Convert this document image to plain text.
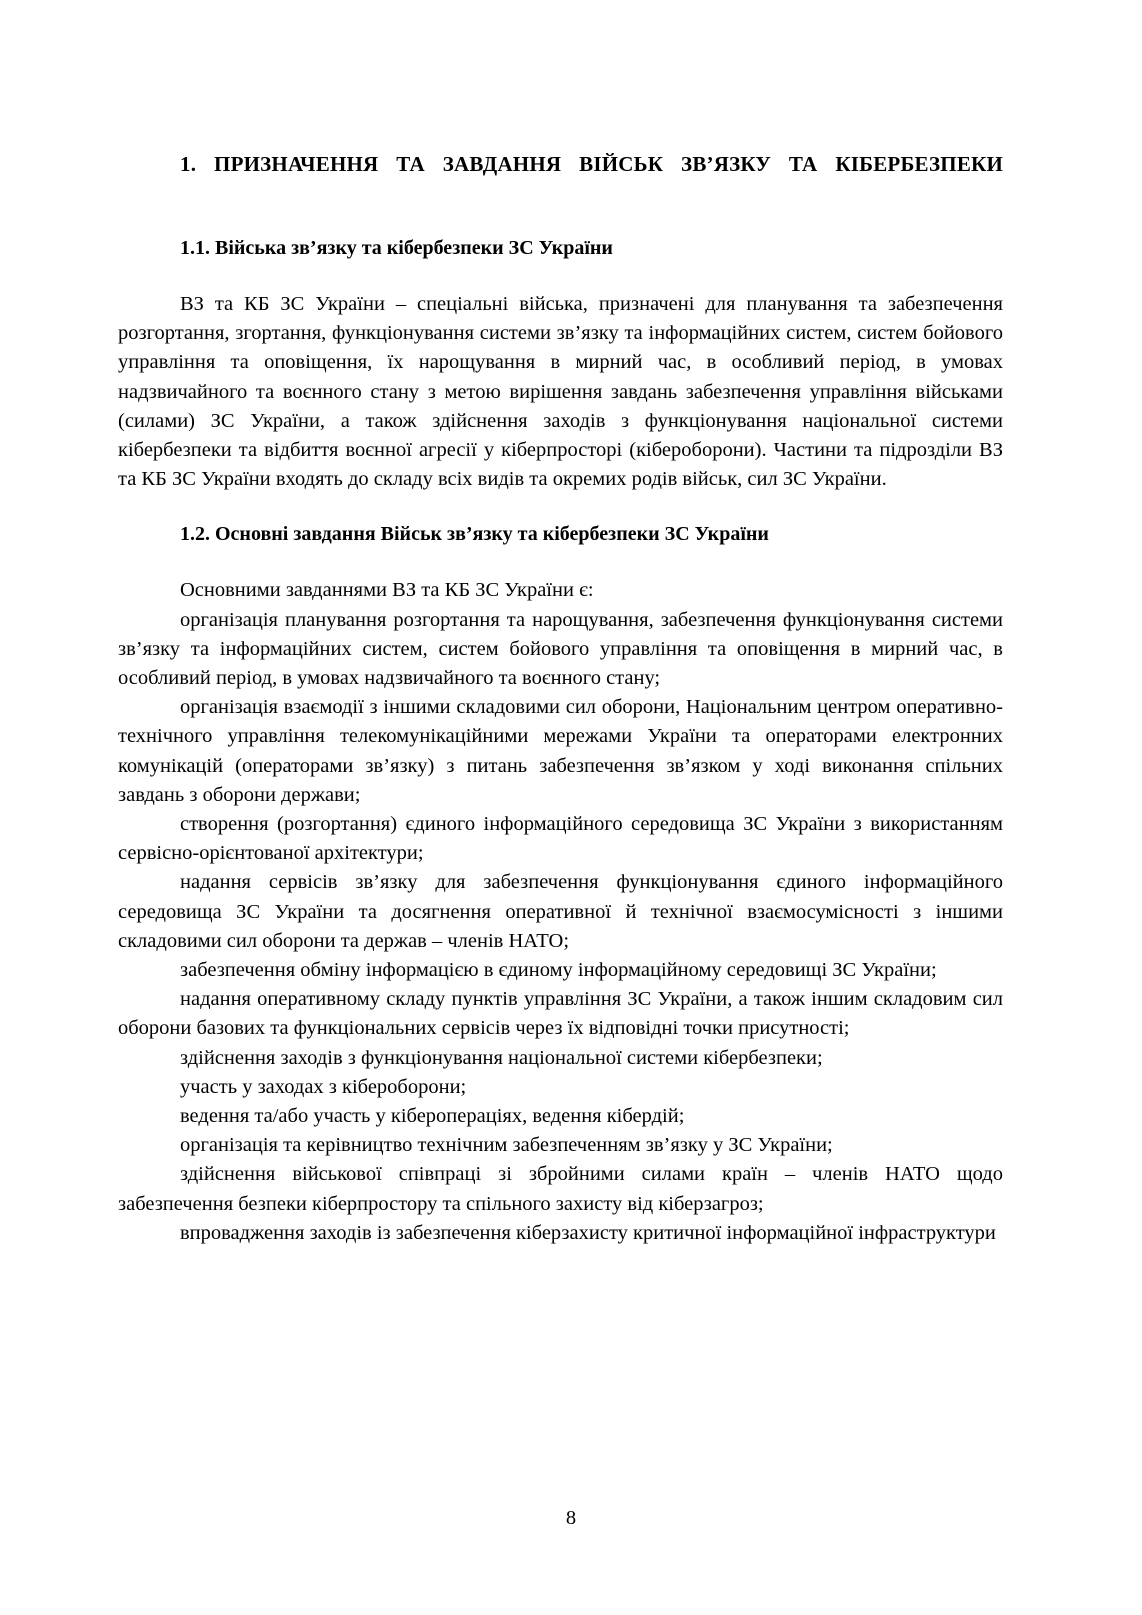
1. ПРИЗНАЧЕННЯ ТА ЗАВДАННЯ ВІЙСЬК ЗВ’ЯЗКУ ТА КІБЕРБЕЗПЕКИ
1.1. Війська зв’язку та кібербезпеки ЗС України

ВЗ та КБ ЗС України – спеціальні війська, призначені для планування та забезпечення розгортання, згортання, функціонування системи зв’язку та інформаційних систем, систем бойового управління та оповіщення, їх нарощування в мирний час, в особливий період, в умовах надзвичайного та воєнного стану з метою вирішення завдань забезпечення управління військами (силами) ЗС України, а також здійснення заходів з функціонування національної системи кібербезпеки та відбиття воєнної агресії у кіберпросторі (кібероборони). Частини та підрозділи ВЗ та КБ ЗС України входять до складу всіх видів та окремих родів військ, сил ЗС України.

1.2. Основні завдання Військ зв’язку та кібербезпеки ЗС України

Основними завданнями ВЗ та КБ ЗС України є:

організація планування розгортання та нарощування, забезпечення функціонування системи зв’язку та інформаційних систем, систем бойового управління та оповіщення в мирний час, в особливий період, в умовах надзвичайного та воєнного стану;

організація взаємодії з іншими складовими сил оборони, Національним центром оперативно-технічного управління телекомунікаційними мережами України та операторами електронних комунікацій (операторами зв’язку) з питань забезпечення зв’язком у ході виконання спільних завдань з оборони держави;

створення (розгортання) єдиного інформаційного середовища ЗС України з використанням сервісно-орієнтованої архітектури;

надання сервісів зв’язку для забезпечення функціонування єдиного інформаційного середовища ЗС України та досягнення оперативної й технічної взаємосумісності з іншими складовими сил оборони та держав – членів НАТО;

забезпечення обміну інформацією в єдиному інформаційному середовищі ЗС України;

надання оперативному складу пунктів управління ЗС України, а також іншим складовим сил оборони базових та функціональних сервісів через їх відповідні точки присутності;

здійснення заходів з функціонування національної системи кібербезпеки;

участь у заходах з кібероборони;

ведення та/або участь у кібероперацiях, ведення кібердій;

організація та керівництво технічним забезпеченням зв’язку у ЗС України;

здійснення військової співпраці зі збройними силами країн – членів НАТО щодо забезпечення безпеки кіберпростору та спільного захисту від кіберзагроз;

впровадження заходів із забезпечення кіберзахисту критичної інформаційної інфраструктури

8
